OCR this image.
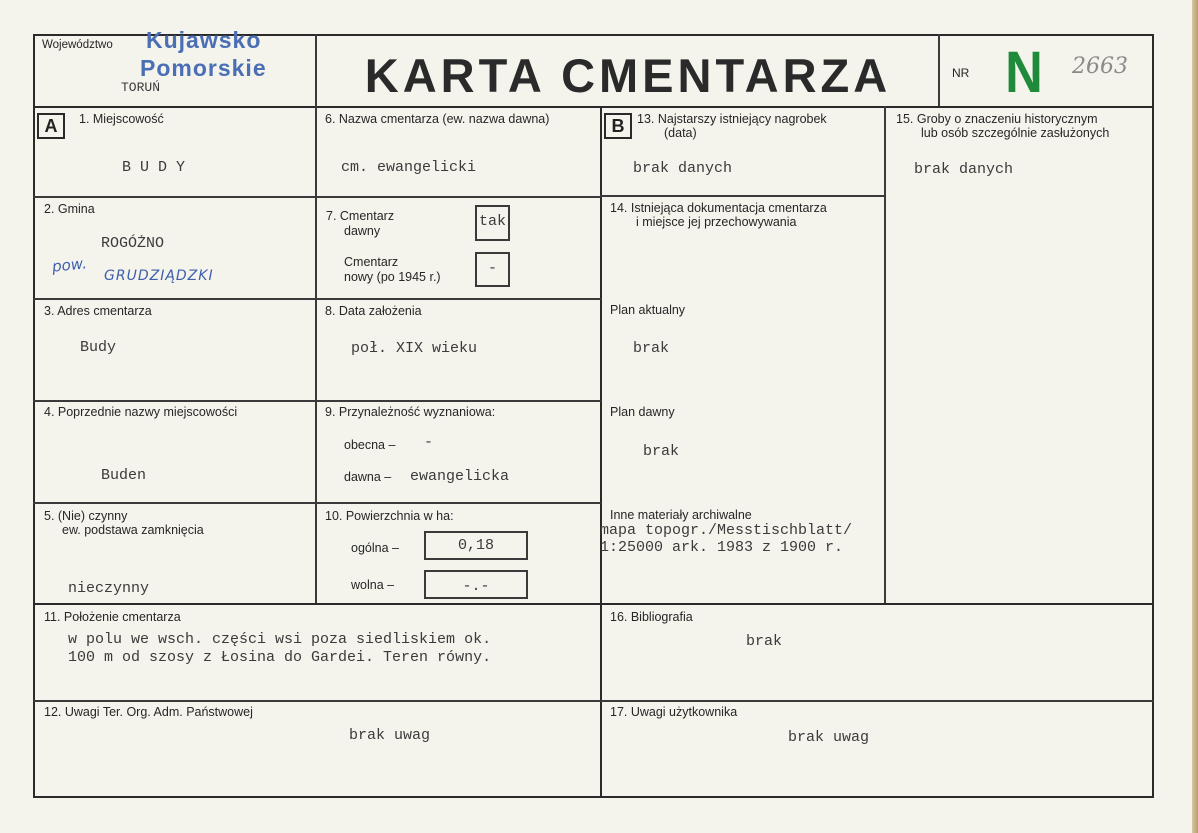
Województwo Kujawsko
Pomorskie
TORUŃ	KARTA CMENTARZA	NR N 2663
A	1. Miejscowość
B U D Y
2. Gmina
ROGÓŻNO
pow.
GRUDZIĄDZKI
3. Adres cmentarza
Budy
4. Poprzednie nazwy miejscowości
Buden
5. (Nie) czynny
ew. podstawa zamknięcia
nieczynny
6. Nazwa cmentarza (ew. nazwa dawna)
cm. ewangelicki
7. Cmentarz
dawny
tak
Cmentarz
nowy (po 1945 r.)	-
8. Data założenia
poł. XIX wieku
9. Przynależność wyznaniowa:
obecna – -
dawna – ewangelicka
10. Powierzchnia w ha:
ogólna –	0,18
wolna –	-.-
B	13. Najstarszy istniejący nagrobek
(data)
brak danych
14. Istniejąca dokumentacja cmentarza
i miejsce jej przechowywania
Plan aktualny
brak
Plan dawny
brak
Inne materiały archiwalne
mapa topogr./Messtischblatt/
1:25000 ark. 1983 z 1900 r.
15. Groby o znaczeniu historycznym
lub osób szczególnie zasłużonych
brak danych
11. Położenie cmentarza
w polu we wsch. części wsi poza siedliskiem ok.
100 m od szosy z Łosina do Gardei. Teren równy.
16. Bibliografia
brak
12. Uwagi Ter. Org. Adm. Państwowej
brak uwag
17. Uwagi użytkownika
brak uwag
